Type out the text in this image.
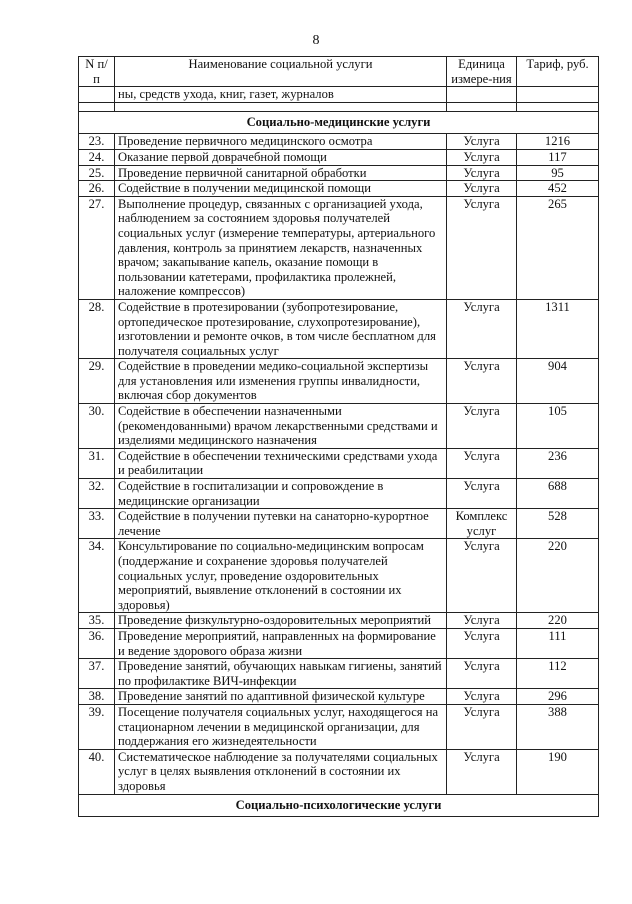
8
N п/п	Наименование социальной услуги	Единица измере-ния	Тариф, руб.
	ны, средств ухода, книг, газет, журналов		

Социально-медицинские услуги			
23.	Проведение первичного медицинского осмотра	Услуга	1216
24.	Оказание первой доврачебной помощи	Услуга	117
25.	Проведение первичной санитарной обработки	Услуга	95
26.	Содействие в получении медицинской помощи	Услуга	452
27.	Выполнение процедур, связанных с организацией ухода, наблюдением за состоянием здоровья получателей социальных услуг (измерение температуры, артериального давления, контроль за принятием лекарств, назначенных врачом; закапывание капель, оказание помощи в пользовании катетерами, профилактика пролежней, наложение компрессов)	Услуга	265
28.	Содействие в протезировании (зубопротезирование, ортопедическое протезирование, слухопротезирование), изготовлении и ремонте очков, в том числе бесплатном для получателя социальных услуг	Услуга	1311
29.	Содействие в проведении медико-социальной экспертизы для установления или изменения группы инвалидности, включая сбор документов	Услуга	904
30.	Содействие в обеспечении назначенными (рекомендованными) врачом лекарственными средствами и изделиями медицинского назначения	Услуга	105
31.	Содействие в обеспечении техническими средствами ухода и реабилитации	Услуга	236
32.	Содействие в госпитализации и сопровождение в медицинские организации	Услуга	688
33.	Содействие в получении путевки на санаторно-курортное лечение	Комплекс услуг	528
34.	Консультирование по социально-медицинским вопросам (поддержание и сохранение здоровья получателей социальных услуг, проведение оздоровительных мероприятий, выявление отклонений в состоянии их здоровья)	Услуга	220
35.	Проведение физкультурно-оздоровительных мероприятий	Услуга	220
36.	Проведение мероприятий, направленных на формирование и ведение здорового образа жизни	Услуга	111
37.	Проведение занятий, обучающих навыкам гигиены, занятий по профилактике ВИЧ-инфекции	Услуга	112
38.	Проведение занятий по адаптивной физической культуре	Услуга	296
39.	Посещение получателя социальных услуг, находящегося на стационарном лечении в медицинской организации, для поддержания его жизнедеятельности	Услуга	388
40.	Систематическое наблюдение за получателями социальных услуг в целях выявления отклонений в состоянии их здоровья	Услуга	190
Социально-психологические услуги			
